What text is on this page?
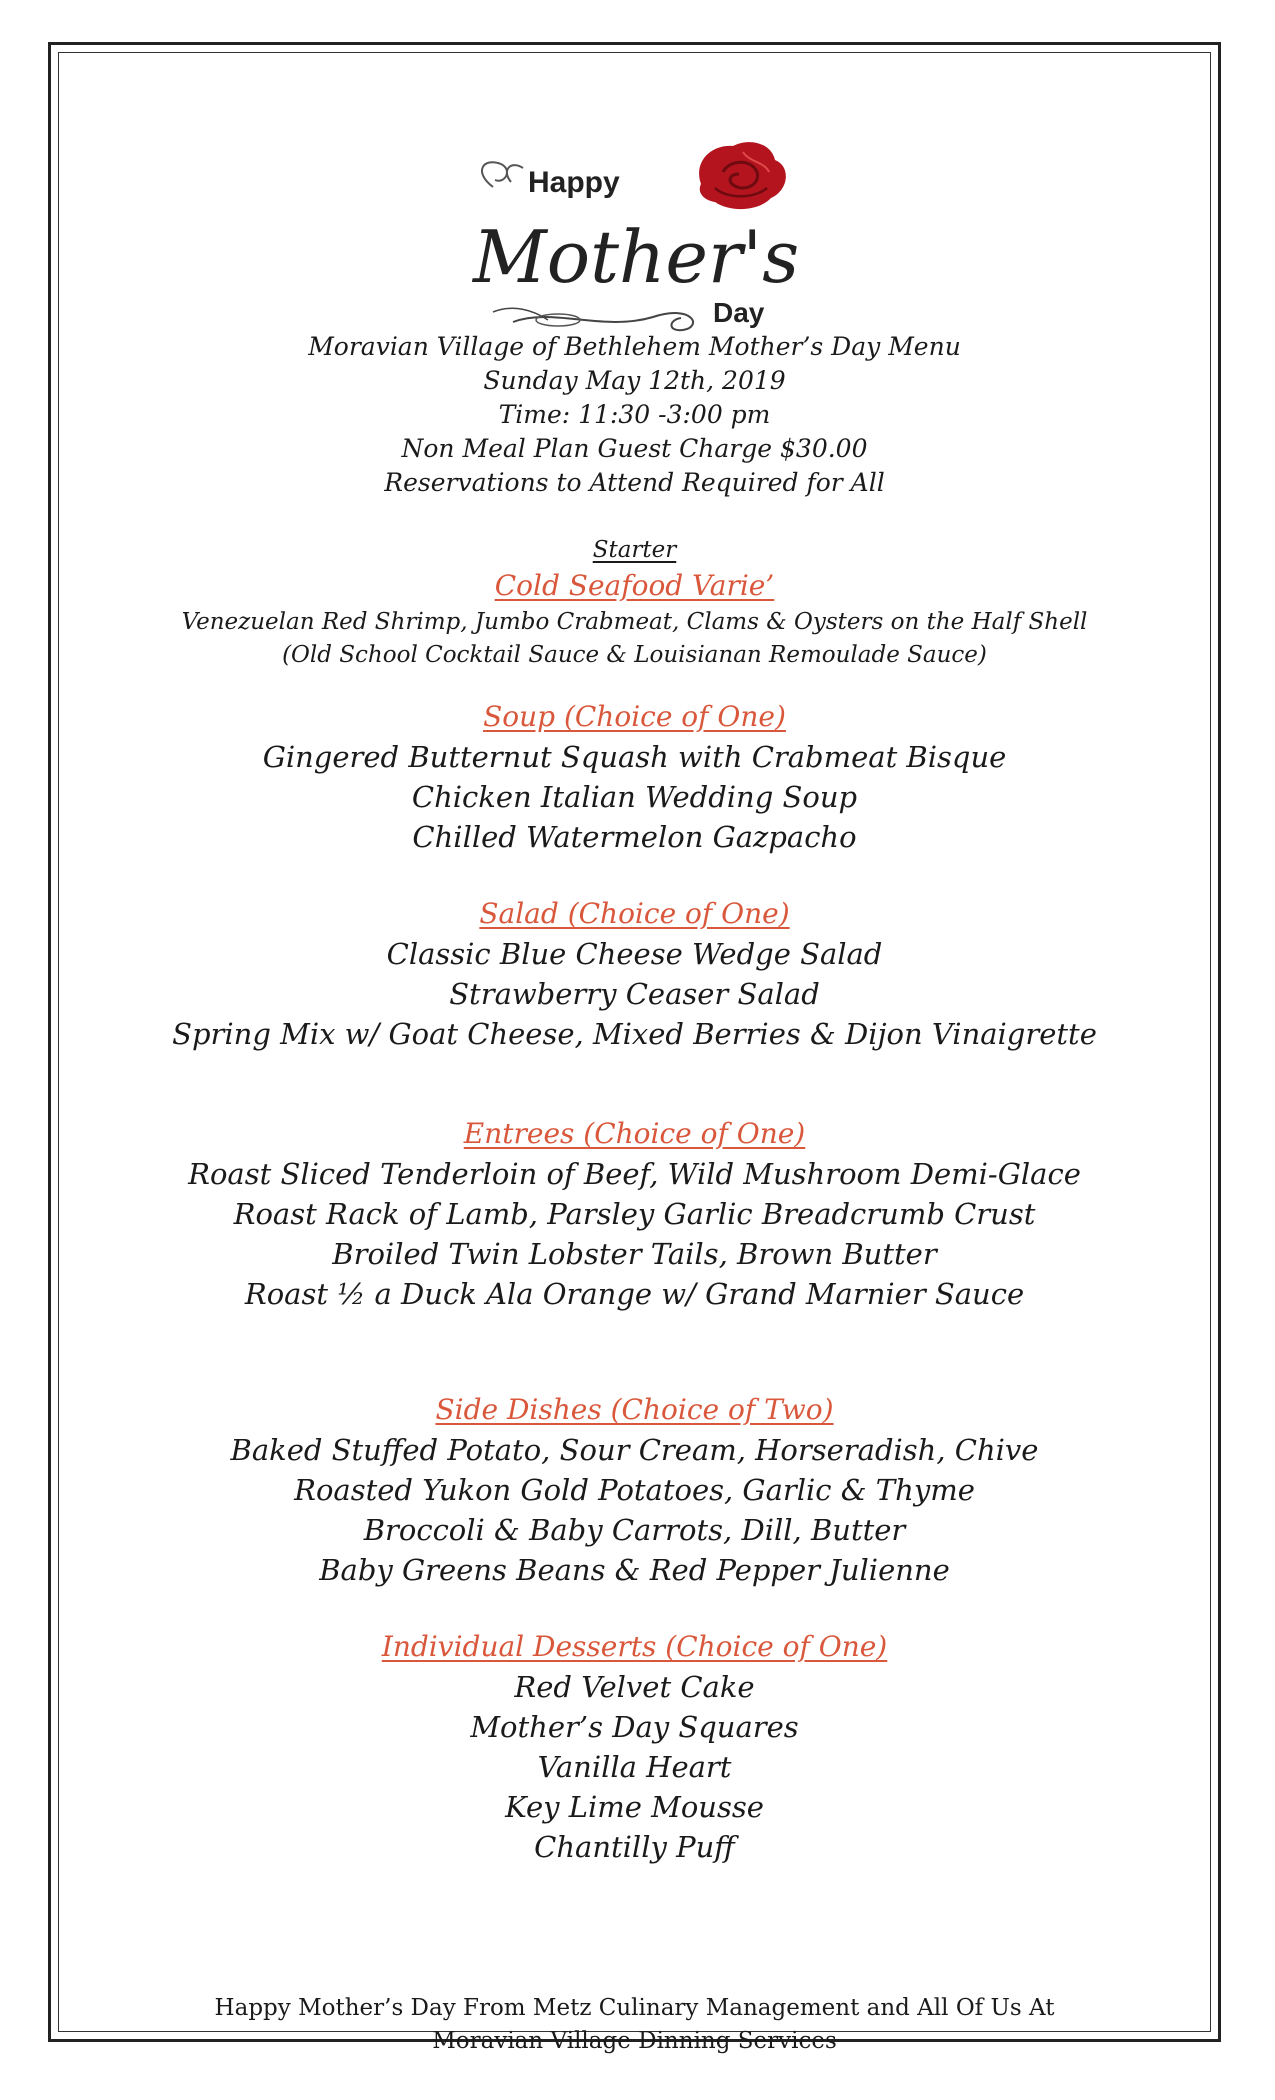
Happy
Mother's
Day
Moravian Village of Bethlehem Mother’s Day Menu
Sunday May 12th, 2019
Time: 11:30 -3:00 pm
Non Meal Plan Guest Charge $30.00
Reservations to Attend Required for All
Starter
Cold Seafood Varie’
Venezuelan Red Shrimp, Jumbo Crabmeat, Clams & Oysters on the Half Shell
(Old School Cocktail Sauce & Louisianan Remoulade Sauce)
Soup (Choice of One)
Gingered Butternut Squash with Crabmeat Bisque
Chicken Italian Wedding Soup
Chilled Watermelon Gazpacho
Salad (Choice of One)
Classic Blue Cheese Wedge Salad
Strawberry Ceaser Salad
Spring Mix w/ Goat Cheese, Mixed Berries & Dijon Vinaigrette
Entrees (Choice of One)
Roast Sliced Tenderloin of Beef, Wild Mushroom Demi-Glace
Roast Rack of Lamb, Parsley Garlic Breadcrumb Crust
Broiled Twin Lobster Tails, Brown Butter
Roast ½ a Duck Ala Orange w/ Grand Marnier Sauce
Side Dishes (Choice of Two)
Baked Stuffed Potato, Sour Cream, Horseradish, Chive
Roasted Yukon Gold Potatoes, Garlic & Thyme
Broccoli & Baby Carrots, Dill, Butter
Baby Greens Beans & Red Pepper Julienne
Individual Desserts (Choice of One)
Red Velvet Cake
Mother’s Day Squares
Vanilla Heart
Key Lime Mousse
Chantilly Puff
Happy Mother’s Day From Metz Culinary Management and All Of Us At
Moravian Village Dinning Services
